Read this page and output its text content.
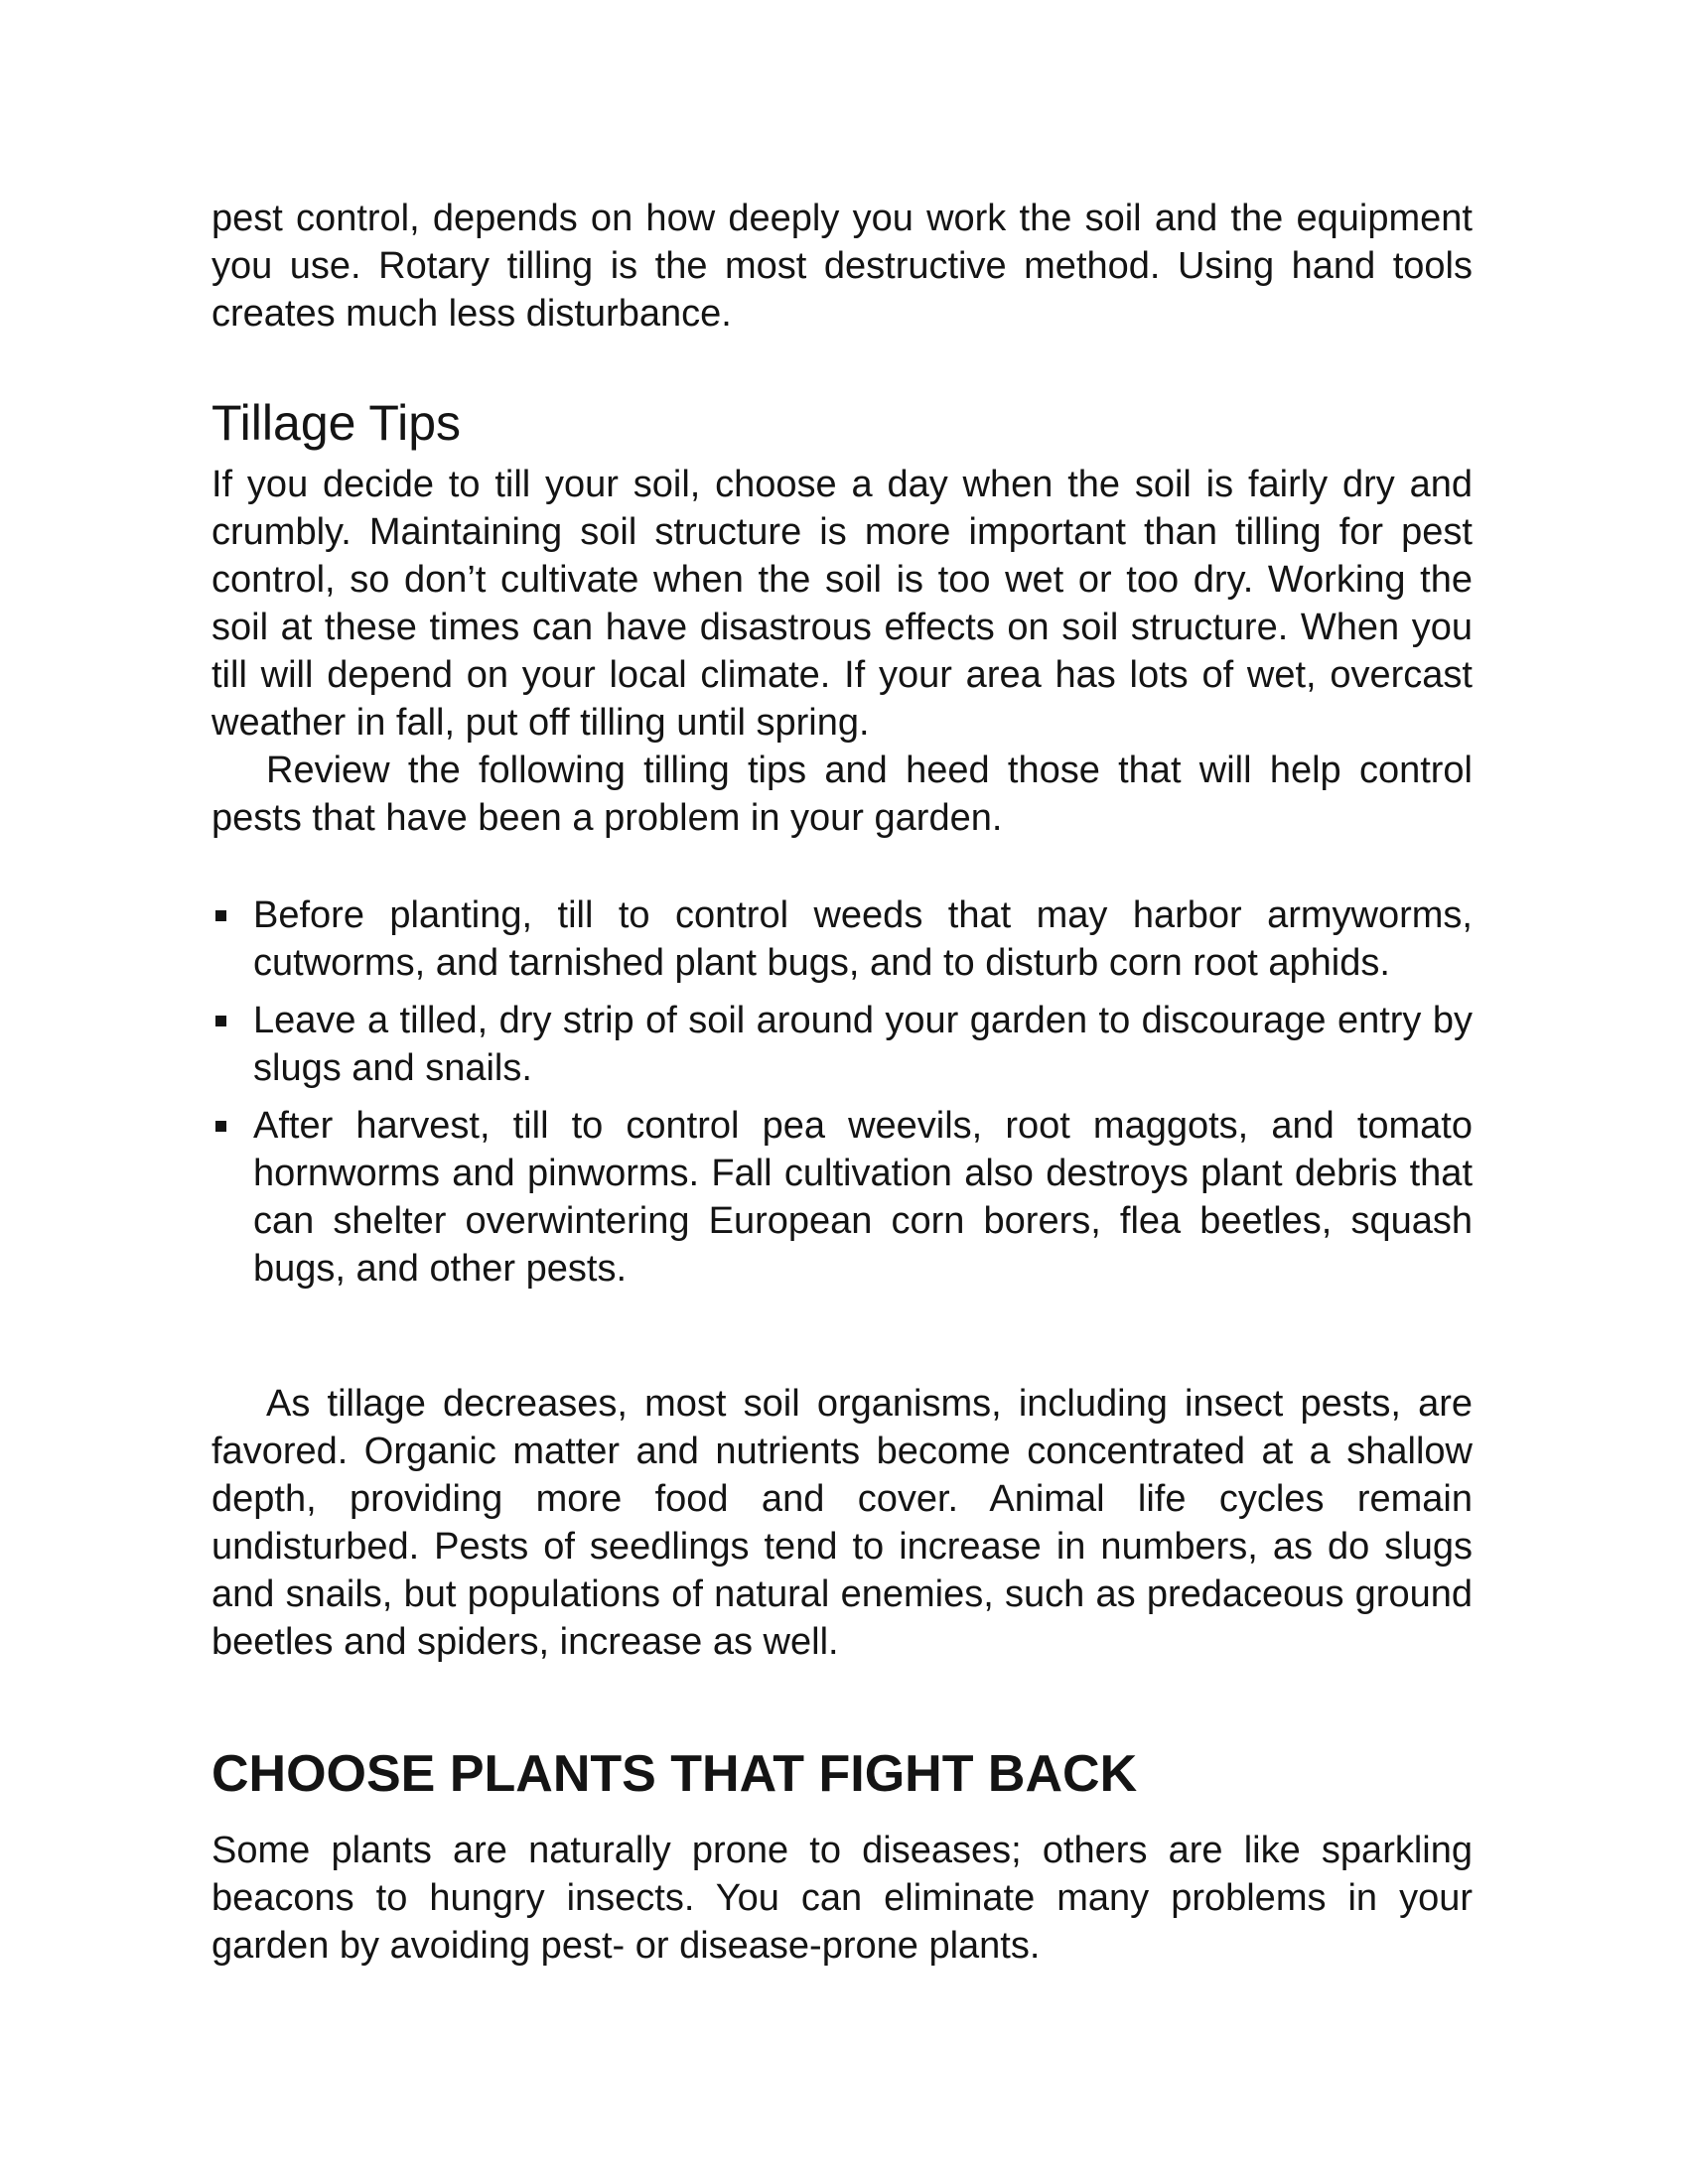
pest control, depends on how deeply you work the soil and the equipment you use. Rotary tilling is the most destructive method. Using hand tools creates much less disturbance.

Tillage Tips

If you decide to till your soil, choose a day when the soil is fairly dry and crumbly. Maintaining soil structure is more important than tilling for pest control, so don’t cultivate when the soil is too wet or too dry. Working the soil at these times can have disastrous effects on soil structure. When you till will depend on your local climate. If your area has lots of wet, overcast weather in fall, put off tilling until spring.

Review the following tilling tips and heed those that will help control pests that have been a problem in your garden.

Before planting, till to control weeds that may harbor armyworms, cutworms, and tarnished plant bugs, and to disturb corn root aphids.
Leave a tilled, dry strip of soil around your garden to discourage entry by slugs and snails.
After harvest, till to control pea weevils, root maggots, and tomato hornworms and pinworms. Fall cultivation also destroys plant debris that can shelter overwintering European corn borers, flea beetles, squash bugs, and other pests.

As tillage decreases, most soil organisms, including insect pests, are favored. Organic matter and nutrients become concentrated at a shallow depth, providing more food and cover. Animal life cycles remain undisturbed. Pests of seedlings tend to increase in numbers, as do slugs and snails, but populations of natural enemies, such as predaceous ground beetles and spiders, increase as well.

CHOOSE PLANTS THAT FIGHT BACK

Some plants are naturally prone to diseases; others are like sparkling beacons to hungry insects. You can eliminate many problems in your garden by avoiding pest- or disease-prone plants.
